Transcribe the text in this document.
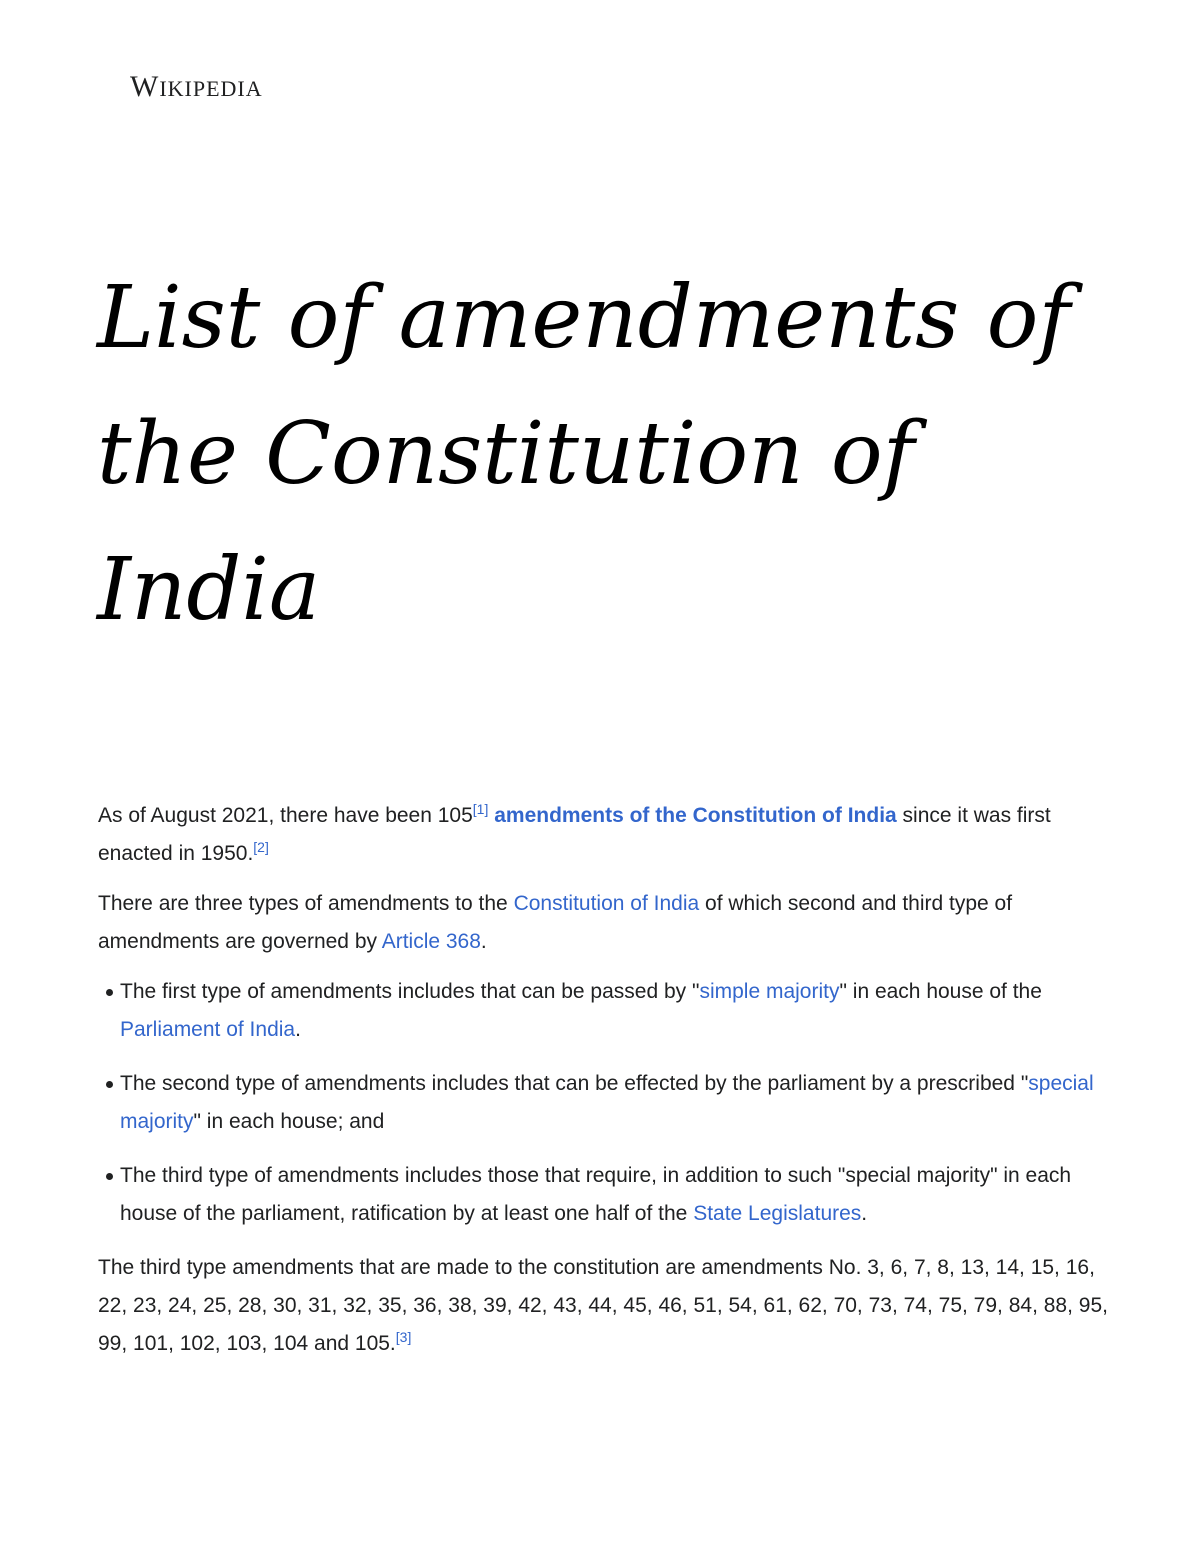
WIKIPEDIA
List of amendments of the Constitution of India

As of August 2021, there have been 105[1] amendments of the Constitution of India since it was first enacted in 1950.[2]

There are three types of amendments to the Constitution of India of which second and third type of amendments are governed by Article 368.

The first type of amendments includes that can be passed by "simple majority" in each house of the Parliament of India.
The second type of amendments includes that can be effected by the parliament by a prescribed "special majority" in each house; and
The third type of amendments includes those that require, in addition to such "special majority" in each house of the parliament, ratification by at least one half of the State Legislatures.

The third type amendments that are made to the constitution are amendments No. 3, 6, 7, 8, 13, 14, 15, 16, 22, 23, 24, 25, 28, 30, 31, 32, 35, 36, 38, 39, 42, 43, 44, 45, 46, 51, 54, 61, 62, 70, 73, 74, 75, 79, 84, 88, 95, 99, 101, 102, 103, 104 and 105.[3]
